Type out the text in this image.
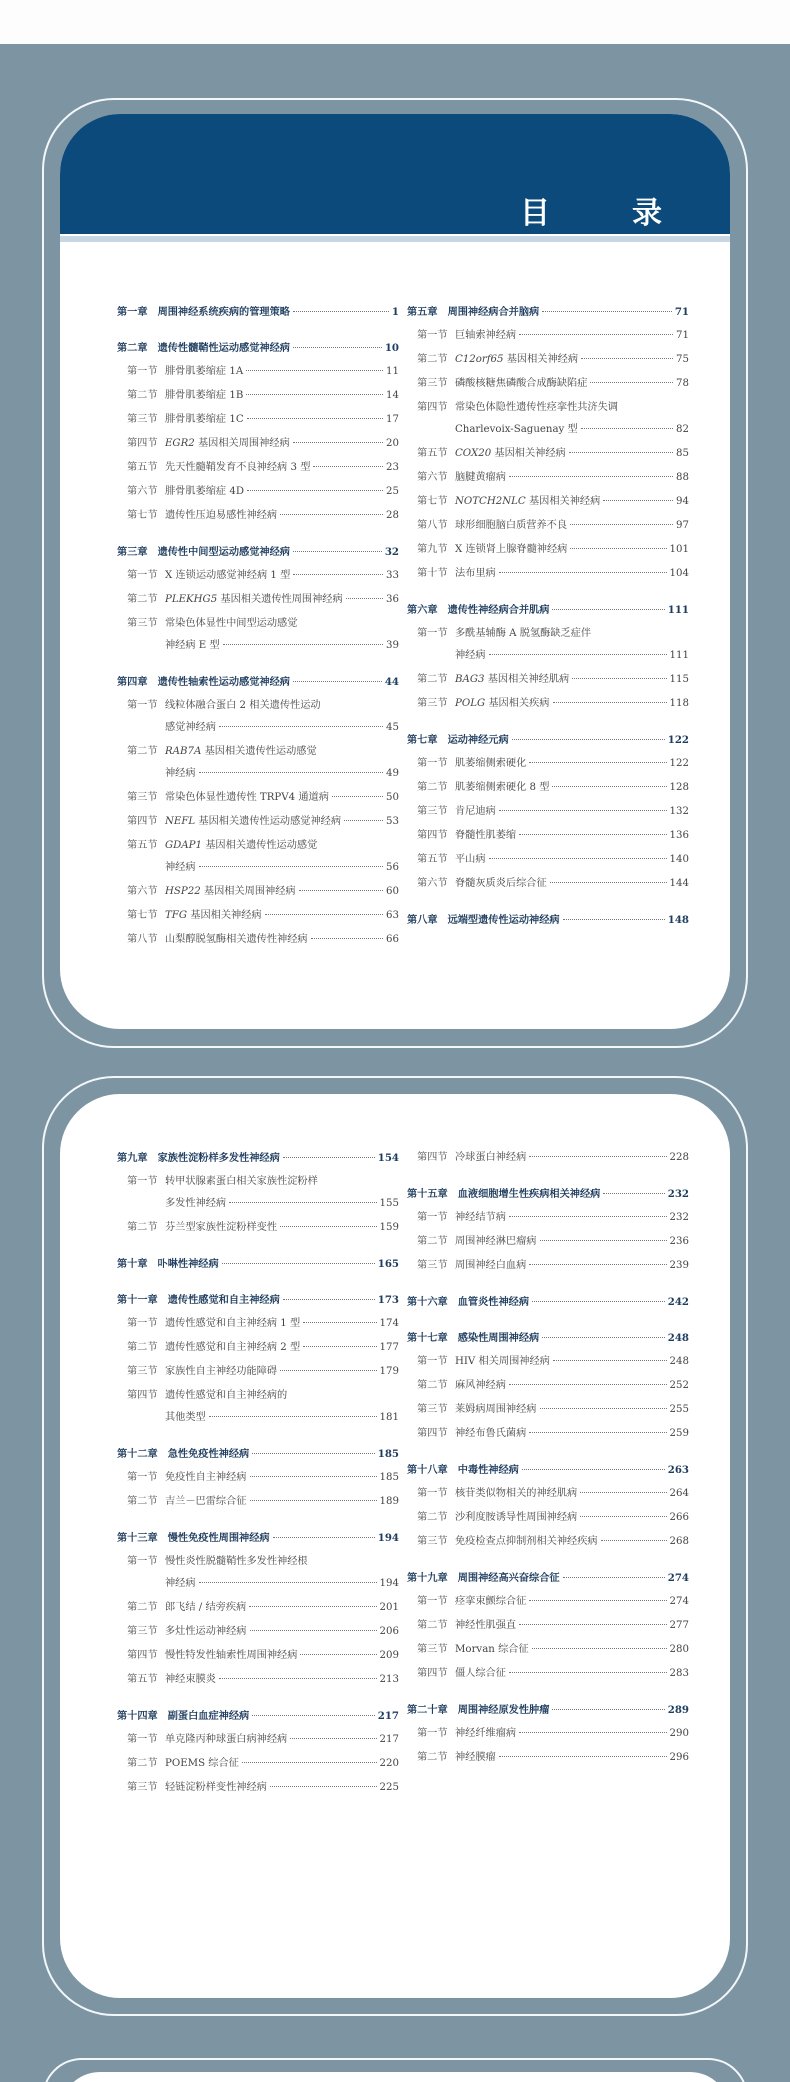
目　录
第一章 周围神经系统疾病的管理策略	1
第二章 遗传性髓鞘性运动感觉神经病	10
第一节 腓骨肌萎缩症 1A	11
第二节 腓骨肌萎缩症 1B	14
第三节 腓骨肌萎缩症 1C	17
第四节 EGR2 基因相关周围神经病	20
第五节 先天性髓鞘发育不良神经病 3 型	23
第六节 腓骨肌萎缩症 4D	25
第七节 遗传性压迫易感性神经病	28
第三章 遗传性中间型运动感觉神经病	32
第一节 X 连锁运动感觉神经病 1 型	33
第二节 PLEKHG5 基因相关遗传性周围神经病	36
第三节 常染色体显性中间型运动感觉
神经病 E 型	39
第四章 遗传性轴索性运动感觉神经病	44
第一节 线粒体融合蛋白 2 相关遗传性运动
感觉神经病	45
第二节 RAB7A 基因相关遗传性运动感觉
神经病	49
第三节 常染色体显性遗传性 TRPV4 通道病	50
第四节 NEFL 基因相关遗传性运动感觉神经病	53
第五节 GDAP1 基因相关遗传性运动感觉
神经病	56
第六节 HSP22 基因相关周围神经病	60
第七节 TFG 基因相关神经病	63
第八节 山梨醇脱氢酶相关遗传性神经病	66
第五章 周围神经病合并脑病	71
第一节 巨轴索神经病	71
第二节 C12orf65 基因相关神经病	75
第三节 磷酸核糖焦磷酸合成酶缺陷症	78
第四节 常染色体隐性遗传性痉挛性共济失调
Charlevoix-Saguenay 型	82
第五节 COX20 基因相关神经病	85
第六节 脑腱黄瘤病	88
第七节 NOTCH2NLC 基因相关神经病	94
第八节 球形细胞脑白质营养不良	97
第九节 X 连锁肾上腺脊髓神经病	101
第十节 法布里病	104
第六章 遗传性神经病合并肌病	111
第一节 多酰基辅酶 A 脱氢酶缺乏症伴
神经病	111
第二节 BAG3 基因相关神经肌病	115
第三节 POLG 基因相关疾病	118
第七章 运动神经元病	122
第一节 肌萎缩侧索硬化	122
第二节 肌萎缩侧索硬化 8 型	128
第三节 肯尼迪病	132
第四节 脊髓性肌萎缩	136
第五节 平山病	140
第六节 脊髓灰质炎后综合征	144
第八章 远端型遗传性运动神经病	148
第九章 家族性淀粉样多发性神经病	154
第一节 转甲状腺素蛋白相关家族性淀粉样
多发性神经病	155
第二节 芬兰型家族性淀粉样变性	159
第十章 卟啉性神经病	165
第十一章 遗传性感觉和自主神经病	173
第一节 遗传性感觉和自主神经病 1 型	174
第二节 遗传性感觉和自主神经病 2 型	177
第三节 家族性自主神经功能障碍	179
第四节 遗传性感觉和自主神经病的
其他类型	181
第十二章 急性免疫性神经病	185
第一节 免疫性自主神经病	185
第二节 吉兰－巴雷综合征	189
第十三章 慢性免疫性周围神经病	194
第一节 慢性炎性脱髓鞘性多发性神经根
神经病	194
第二节 郎飞结 / 结旁疾病	201
第三节 多灶性运动神经病	206
第四节 慢性特发性轴索性周围神经病	209
第五节 神经束膜炎	213
第十四章 副蛋白血症神经病	217
第一节 单克隆丙种球蛋白病神经病	217
第二节 POEMS 综合征	220
第三节 轻链淀粉样变性神经病	225
第四节 冷球蛋白神经病	228
第十五章 血液细胞增生性疾病相关神经病	232
第一节 神经结节病	232
第二节 周围神经淋巴瘤病	236
第三节 周围神经白血病	239
第十六章 血管炎性神经病	242
第十七章 感染性周围神经病	248
第一节 HIV 相关周围神经病	248
第二节 麻风神经病	252
第三节 莱姆病周围神经病	255
第四节 神经布鲁氏菌病	259
第十八章 中毒性神经病	263
第一节 核苷类似物相关的神经肌病	264
第二节 沙利度胺诱导性周围神经病	266
第三节 免疫检查点抑制剂相关神经疾病	268
第十九章 周围神经高兴奋综合征	274
第一节 痉挛束颤综合征	274
第二节 神经性肌强直	277
第三节 Morvan 综合征	280
第四节 僵人综合征	283
第二十章 周围神经原发性肿瘤	289
第一节 神经纤维瘤病	290
第二节 神经膜瘤	296
